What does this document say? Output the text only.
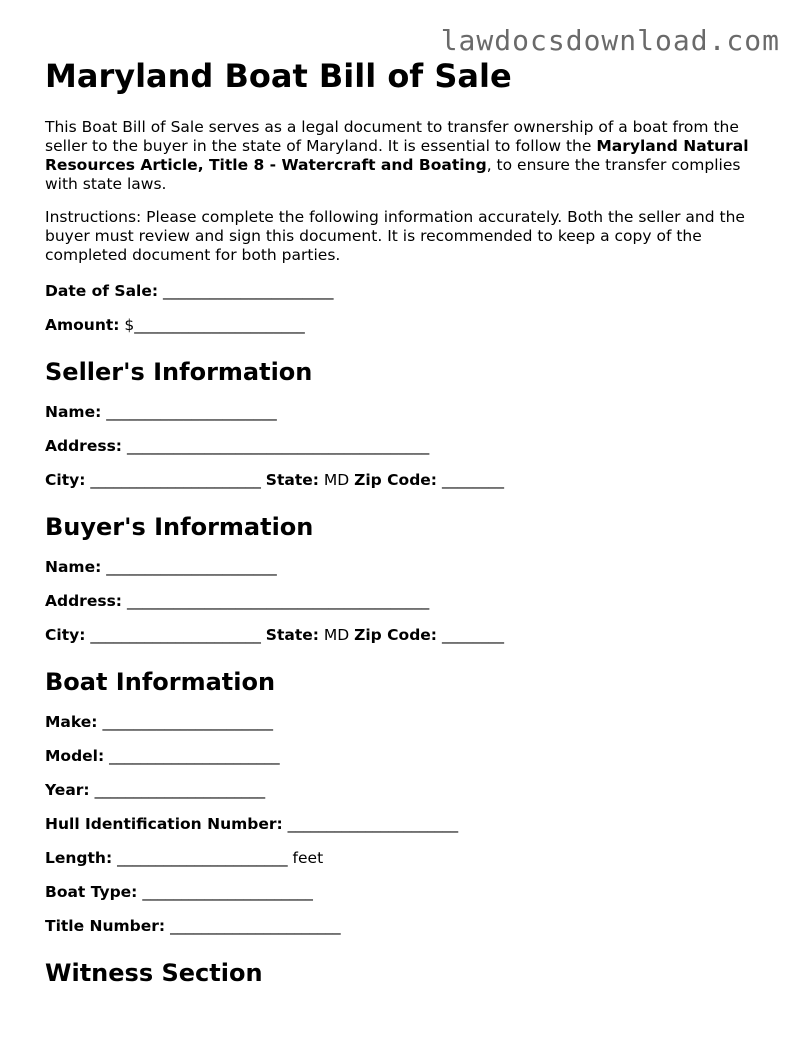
lawdocsdownload.com
Maryland Boat Bill of Sale

This Boat Bill of Sale serves as a legal document to transfer ownership of a boat from the seller to the buyer in the state of Maryland. It is essential to follow the Maryland Natural Resources Article, Title 8 - Watercraft and Boating, to ensure the transfer complies with state laws.

Instructions: Please complete the following information accurately. Both the seller and the buyer must review and sign this document. It is recommended to keep a copy of the completed document for both parties.

Date of Sale: ______________________
Amount: $______________________
Seller's Information
Name: ______________________
Address: _______________________________________
City: ______________________ State: MD Zip Code: ________
Buyer's Information
Name: ______________________
Address: _______________________________________
City: ______________________ State: MD Zip Code: ________
Boat Information
Make: ______________________
Model: ______________________
Year: ______________________
Hull Identification Number: ______________________
Length: ______________________ feet
Boat Type: ______________________
Title Number: ______________________
Witness Section
